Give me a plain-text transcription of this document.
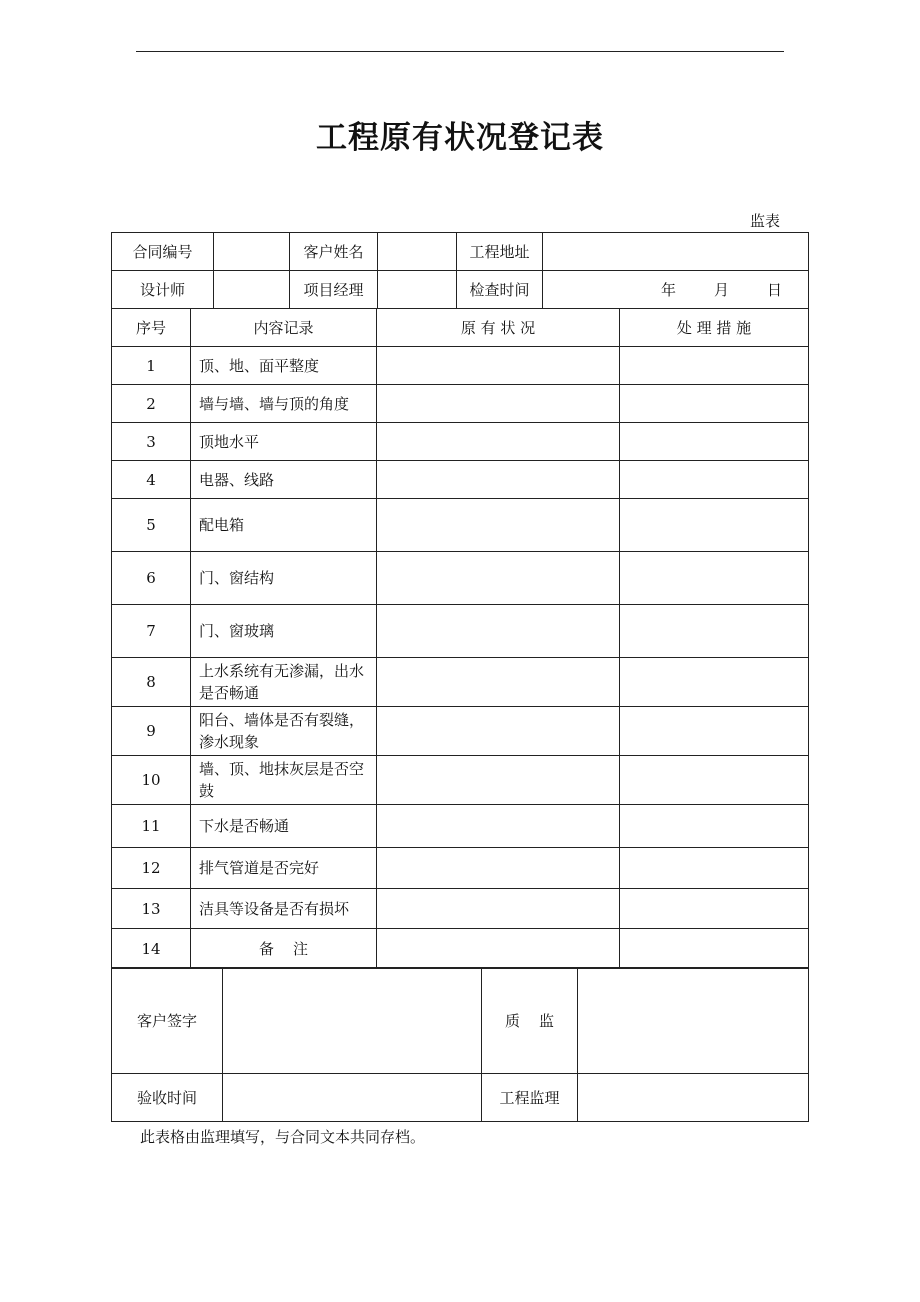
工程原有状况登记表
监表
合同编号		客户姓名		工程地址	
设计师		项目经理		检查时间	年 月 日
序号	内容记录	原 有 状 况	处 理 措 施
1	顶、地、面平整度		
2	墙与墙、墙与顶的角度		
3	顶地水平		
4	电器、线路		
5	配电箱		
6	门、窗结构		
7	门、窗玻璃		
8	上水系统有无渗漏，出水是否畅通		
9	阳台、墙体是否有裂缝，渗水现象		
10	墙、顶、地抹灰层是否空鼓		
11	下水是否畅通		
12	排气管道是否完好		
13	洁具等设备是否有损坏		
14	备    注		
客户签字		质    监	
验收时间		工程监理	
此表格由监理填写，与合同文本共同存档。
